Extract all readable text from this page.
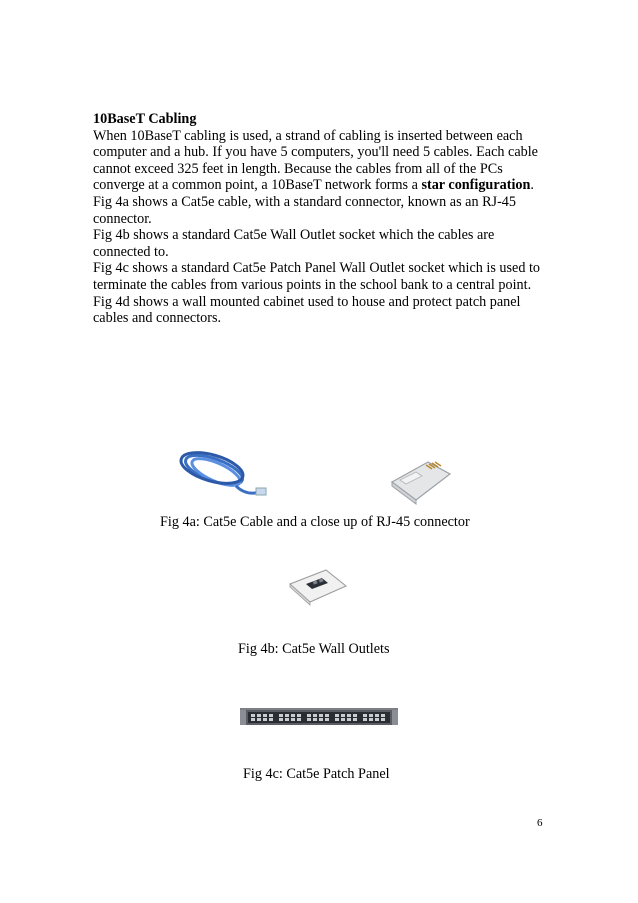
10BaseT Cabling

When 10BaseT cabling is used, a strand of cabling is inserted between each computer and a hub. If you have 5 computers, you'll need 5 cables. Each cable cannot exceed 325 feet in length. Because the cables from all of the PCs converge at a common point, a 10BaseT network forms a star configuration.

Fig 4a shows a Cat5e cable, with a standard connector, known as an RJ-45 connector.

Fig 4b shows a standard Cat5e Wall Outlet socket which the cables are connected to.

Fig 4c shows a standard Cat5e Patch Panel Wall Outlet socket which is used to terminate the cables from various points in the school bank to a central point.

Fig 4d shows a wall mounted cabinet used to house and protect patch panel cables and connectors.

Fig 4a: Cat5e Cable and a close up of RJ-45 connector
Fig 4b: Cat5e Wall Outlets
Fig 4c: Cat5e Patch Panel
6
